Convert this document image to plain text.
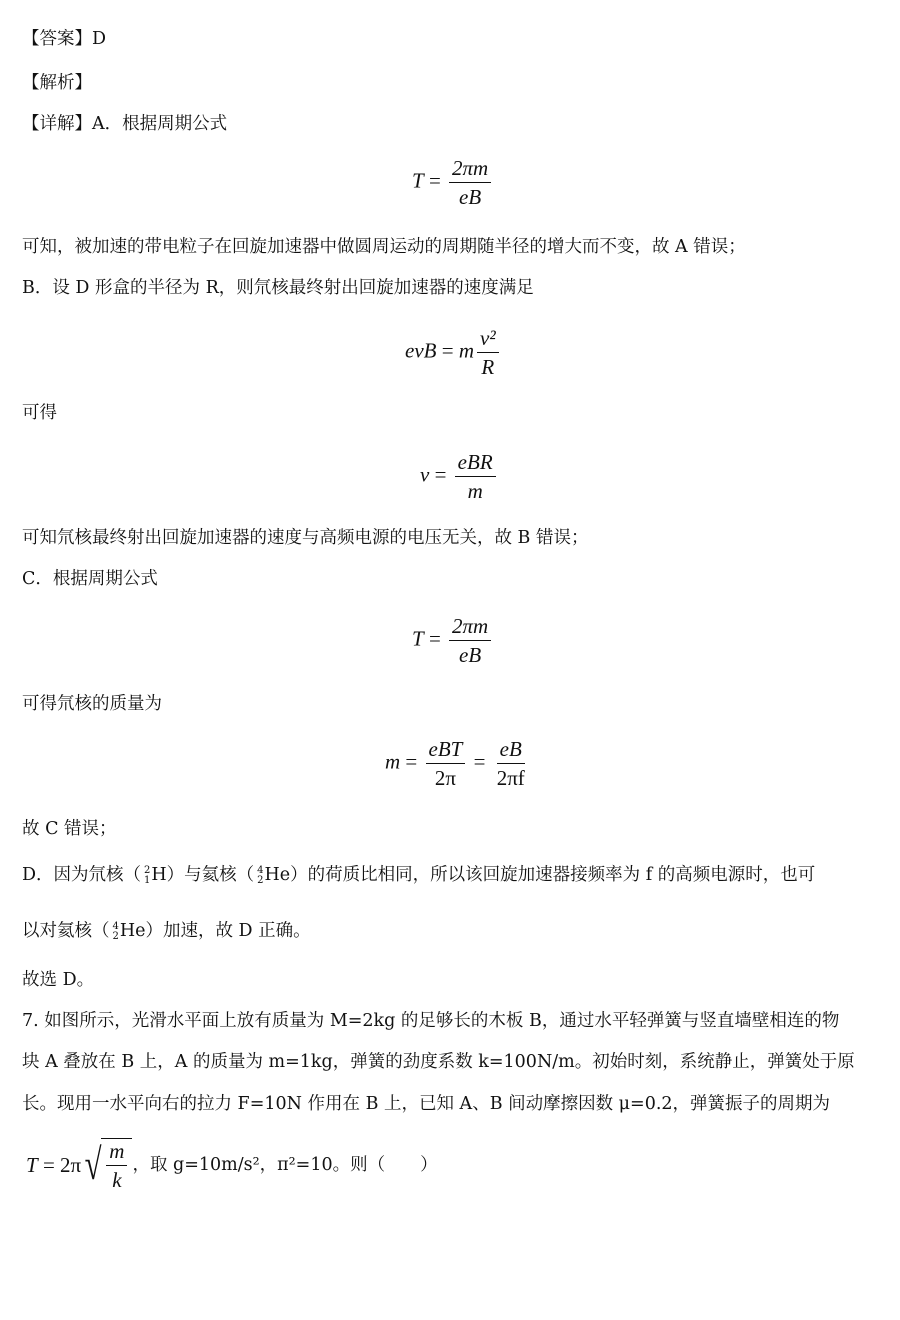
【答案】D
【解析】
【详解】A．根据周期公式
$T = \frac{2\pi m}{eB}$
可知，被加速的带电粒子在回旋加速器中做圆周运动的周期随半径的增大而不变，故 A 错误；
B．设 D 形盒的半径为 R，则氘核最终射出回旋加速器的速度满足
evB = m $\frac{\text{v²}}{R}$
可得
$v = \frac{\text{eBR}}{m}$
可知氘核最终射出回旋加速器的速度与高频电源的电压无关，故 B 错误；
C．根据周期公式
$T = \frac{2\pi m}{eB}$
可得氘核的质量为
$m = \frac{\text{eBT}}{2\pi} = \frac{eB}{2\pi f}$
故 C 错误；
D．因为氘核（ 2
1 H）与氦核（ 4
2 He）的荷质比相同，所以该回旋加速器接频率为 f 的高频电源时，也可
以对氦核（ 4
2 He）加速，故 D 正确。
故选 D。
7. 如图所示，光滑水平面上放有质量为 M=2kg 的足够长的木板 B，通过水平轻弹簧与竖直墙壁相连的物
块 A 叠放在 B 上，A 的质量为 m=1kg，弹簧的劲度系数 k=100N/m。初始时刻，系统静止，弹簧处于原
长。现用一水平向右的拉力 F=10N 作用在 B 上，已知 A、B 间动摩擦因数 μ=0.2，弹簧振子的周期为
T = 2π √ $\frac{m}{k}$ ，取 g=10m/s²，π²=10。则（　　）
